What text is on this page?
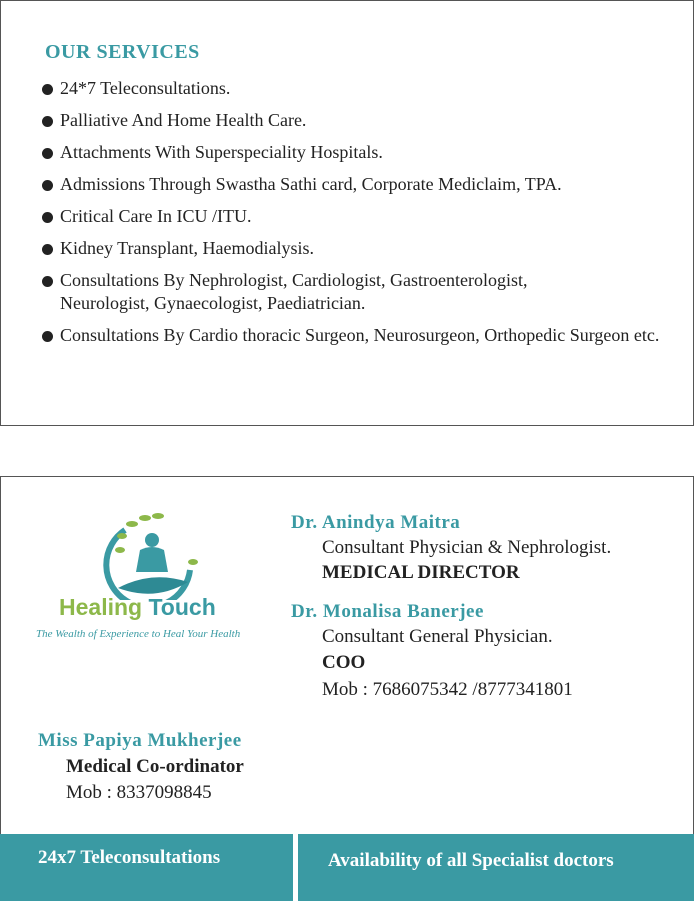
OUR SERVICES
24*7 Teleconsultations.
Palliative And Home Health Care.
Attachments With Superspeciality Hospitals.
Admissions Through Swastha Sathi card, Corporate Mediclaim, TPA.
Critical Care In ICU /ITU.
Kidney Transplant, Haemodialysis.
Consultations By Nephrologist, Cardiologist, Gastroenterologist, Neurologist, Gynaecologist, Paediatrician.
Consultations By Cardio thoracic Surgeon, Neurosurgeon, Orthopedic Surgeon etc.
Healing Touch
The Wealth of Experience to Heal Your Health
Dr. Anindya Maitra
Consultant Physician & Nephrologist.
MEDICAL DIRECTOR
Dr. Monalisa Banerjee
Consultant General Physician.
COO
Mob : 7686075342 /8777341801
Miss Papiya Mukherjee
Medical Co-ordinator
Mob : 8337098845
24x7 Teleconsultations	Availability of all Specialist doctors
